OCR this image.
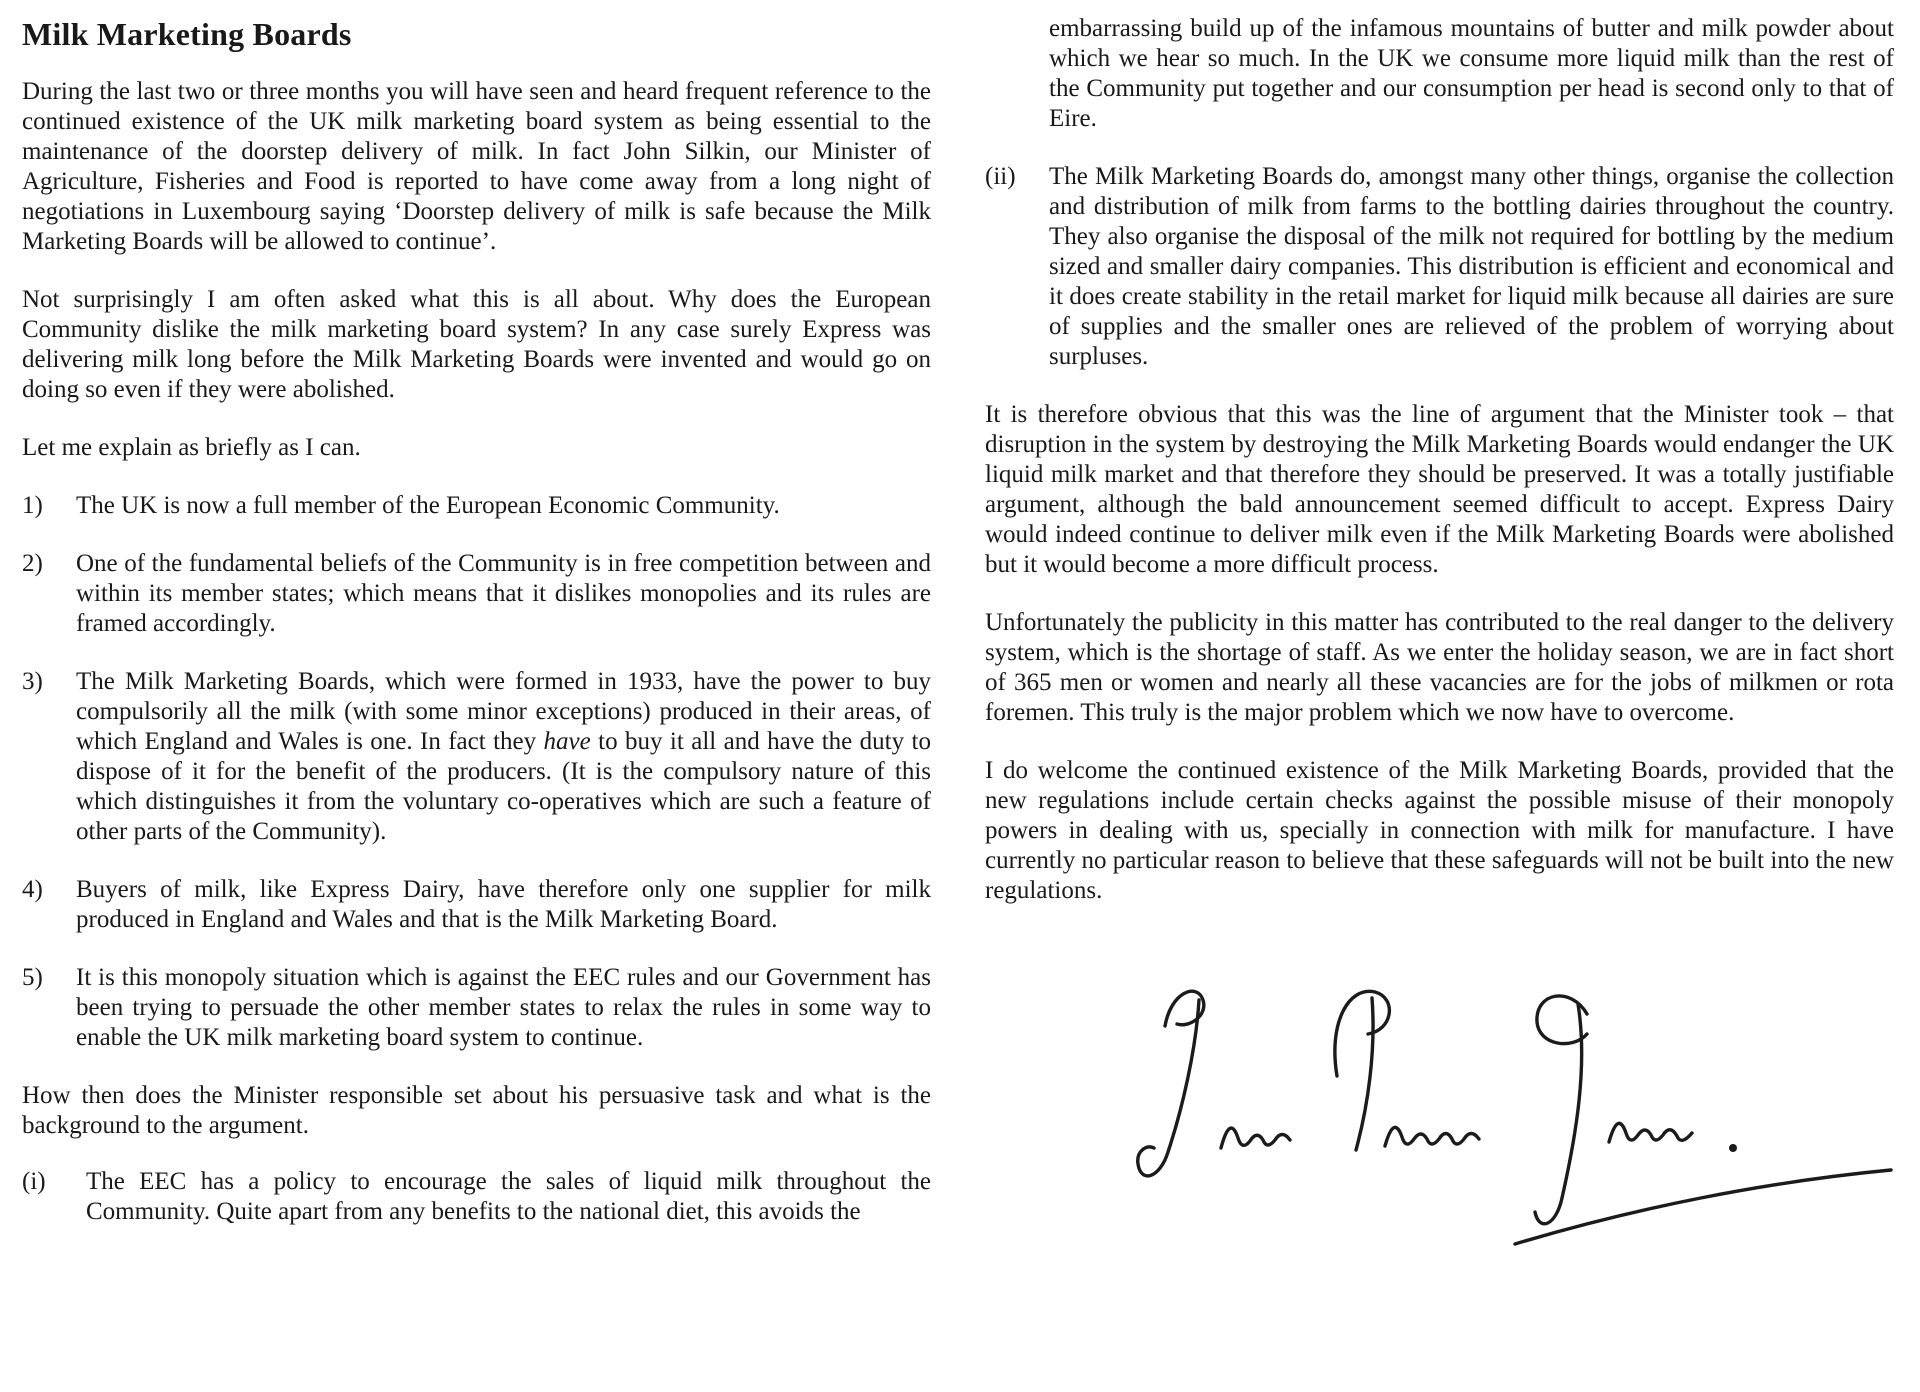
Milk Marketing Boards

During the last two or three months you will have seen and heard frequent reference to the continued existence of the UK milk marketing board system as being essential to the maintenance of the doorstep delivery of milk. In fact John Silkin, our Minister of Agriculture, Fisheries and Food is reported to have come away from a long night of negotiations in Luxembourg saying ‘Doorstep delivery of milk is safe because the Milk Marketing Boards will be allowed to continue’.

Not surprisingly I am often asked what this is all about. Why does the European Community dislike the milk marketing board system? In any case surely Express was delivering milk long before the Milk Marketing Boards were invented and would go on doing so even if they were abolished.

Let me explain as briefly as I can.

1)	The UK is now a full member of the European Economic Community.
2)	One of the fundamental beliefs of the Community is in free competition between and within its member states; which means that it dislikes monopolies and its rules are framed accordingly.
3)	The Milk Marketing Boards, which were formed in 1933, have the power to buy compulsorily all the milk (with some minor exceptions) produced in their areas, of which England and Wales is one. In fact they have to buy it all and have the duty to dispose of it for the benefit of the producers. (It is the compulsory nature of this which distinguishes it from the voluntary co-operatives which are such a feature of other parts of the Community).
4)	Buyers of milk, like Express Dairy, have therefore only one supplier for milk produced in England and Wales and that is the Milk Marketing Board.
5)	It is this monopoly situation which is against the EEC rules and our Government has been trying to persuade the other member states to relax the rules in some way to enable the UK milk marketing board system to continue.

How then does the Minister responsible set about his persuasive task and what is the background to the argument.

(i)	The EEC has a policy to encourage the sales of liquid milk throughout the Community. Quite apart from any benefits to the national diet, this avoids the

embarrassing build up of the infamous mountains of butter and milk powder about which we hear so much. In the UK we consume more liquid milk than the rest of the Community put together and our consumption per head is second only to that of Eire.

(ii)	The Milk Marketing Boards do, amongst many other things, organise the collection and distribution of milk from farms to the bottling dairies throughout the country. They also organise the disposal of the milk not required for bottling by the medium sized and smaller dairy companies. This distribution is efficient and economical and it does create stability in the retail market for liquid milk because all dairies are sure of supplies and the smaller ones are relieved of the problem of worrying about surpluses.

It is therefore obvious that this was the line of argument that the Minister took – that disruption in the system by destroying the Milk Marketing Boards would endanger the UK liquid milk market and that therefore they should be preserved. It was a totally justifiable argument, although the bald announcement seemed difficult to accept. Express Dairy would indeed continue to deliver milk even if the Milk Marketing Boards were abolished but it would become a more difficult process.

Unfortunately the publicity in this matter has contributed to the real danger to the delivery system, which is the shortage of staff. As we enter the holiday season, we are in fact short of 365 men or women and nearly all these vacancies are for the jobs of milkmen or rota foremen. This truly is the major problem which we now have to overcome.

I do welcome the continued existence of the Milk Marketing Boards, provided that the new regulations include certain checks against the possible misuse of their monopoly powers in dealing with us, specially in connection with milk for manufacture. I have currently no particular reason to believe that these safeguards will not be built into the new regulations.
